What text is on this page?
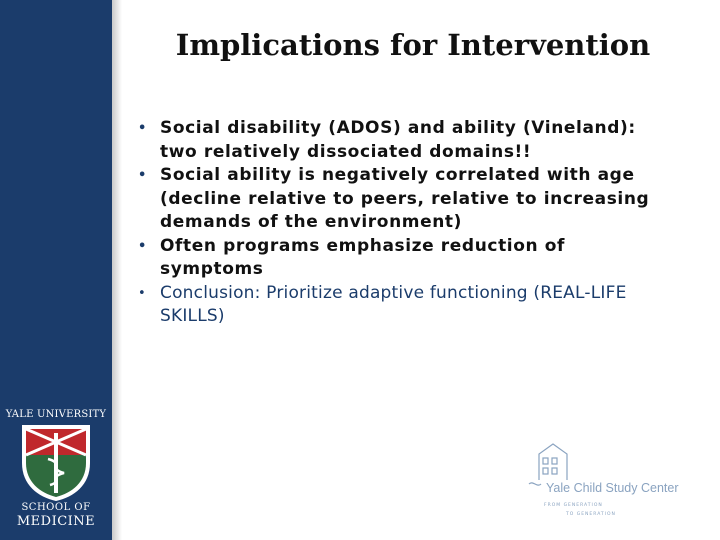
Implications for Intervention
• Social disability (ADOS) and ability (Vineland):
two relatively dissociated domains!!
• Social ability is negatively correlated with age
(decline relative to peers, relative to increasing
demands of the environment)
• Often programs emphasize reduction of
symptoms
• Conclusion: Prioritize adaptive functioning (REAL-LIFE
SKILLS)
YALE UNIVERSITY
SCHOOL OF
MEDICINE
Yale Child Study Center
FROM GENERATION
TO GENERATION
